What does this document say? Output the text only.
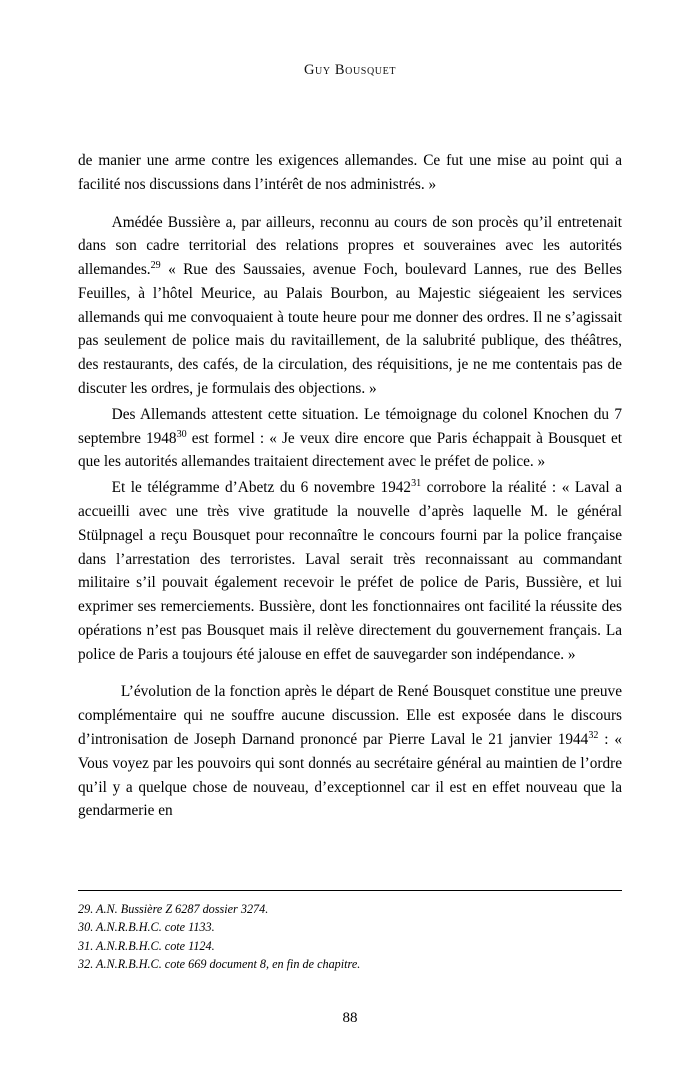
Guy Bousquet

de manier une arme contre les exigences allemandes. Ce fut une mise au point qui a facilité nos discussions dans l’intérêt de nos administrés. »

Amédée Bussière a, par ailleurs, reconnu au cours de son procès qu’il entretenait dans son cadre territorial des relations propres et souveraines avec les autorités allemandes.$^{29}$ « Rue des Saussaies, avenue Foch, boulevard Lannes, rue des Belles Feuilles, à l’hôtel Meurice, au Palais Bourbon, au Majestic siégeaient les services allemands qui me convoquaient à toute heure pour me donner des ordres. Il ne s’agissait pas seulement de police mais du ravitaillement, de la salubrité publique, des théâtres, des restaurants, des cafés, de la circulation, des réquisitions, je ne me contentais pas de discuter les ordres, je formulais des objections. »

Des Allemands attestent cette situation. Le témoignage du colonel Knochen du 7 septembre 1948$^{30}$ est formel : « Je veux dire encore que Paris échappait à Bousquet et que les autorités allemandes traitaient directement avec le préfet de police. »

Et le télégramme d’Abetz du 6 novembre 1942$^{31}$ corrobore la réalité : « Laval a accueilli avec une très vive gratitude la nouvelle d’après laquelle M. le général Stülpnagel a reçu Bousquet pour reconnaître le concours fourni par la police française dans l’arrestation des terroristes. Laval serait très reconnaissant au commandant militaire s’il pouvait également recevoir le préfet de police de Paris, Bussière, et lui exprimer ses remerciements. Bussière, dont les fonctionnaires ont facilité la réussite des opérations n’est pas Bousquet mais il relève directement du gouvernement français. La police de Paris a toujours été jalouse en effet de sauvegarder son indépendance. »

L’évolution de la fonction après le départ de René Bousquet constitue une preuve complémentaire qui ne souffre aucune discussion. Elle est exposée dans le discours d’intronisation de Joseph Darnand prononcé par Pierre Laval le 21 janvier 1944$^{32}$ : « Vous voyez par les pouvoirs qui sont donnés au secrétaire général au maintien de l’ordre qu’il y a quelque chose de nouveau, d’exceptionnel car il est en effet nouveau que la gendarmerie en

29. A.N. Bussière Z 6287 dossier 3274.

30. A.N.R.B.H.C. cote 1133.

31. A.N.R.B.H.C. cote 1124.

32. A.N.R.B.H.C. cote 669 document 8, en fin de chapitre.

88
